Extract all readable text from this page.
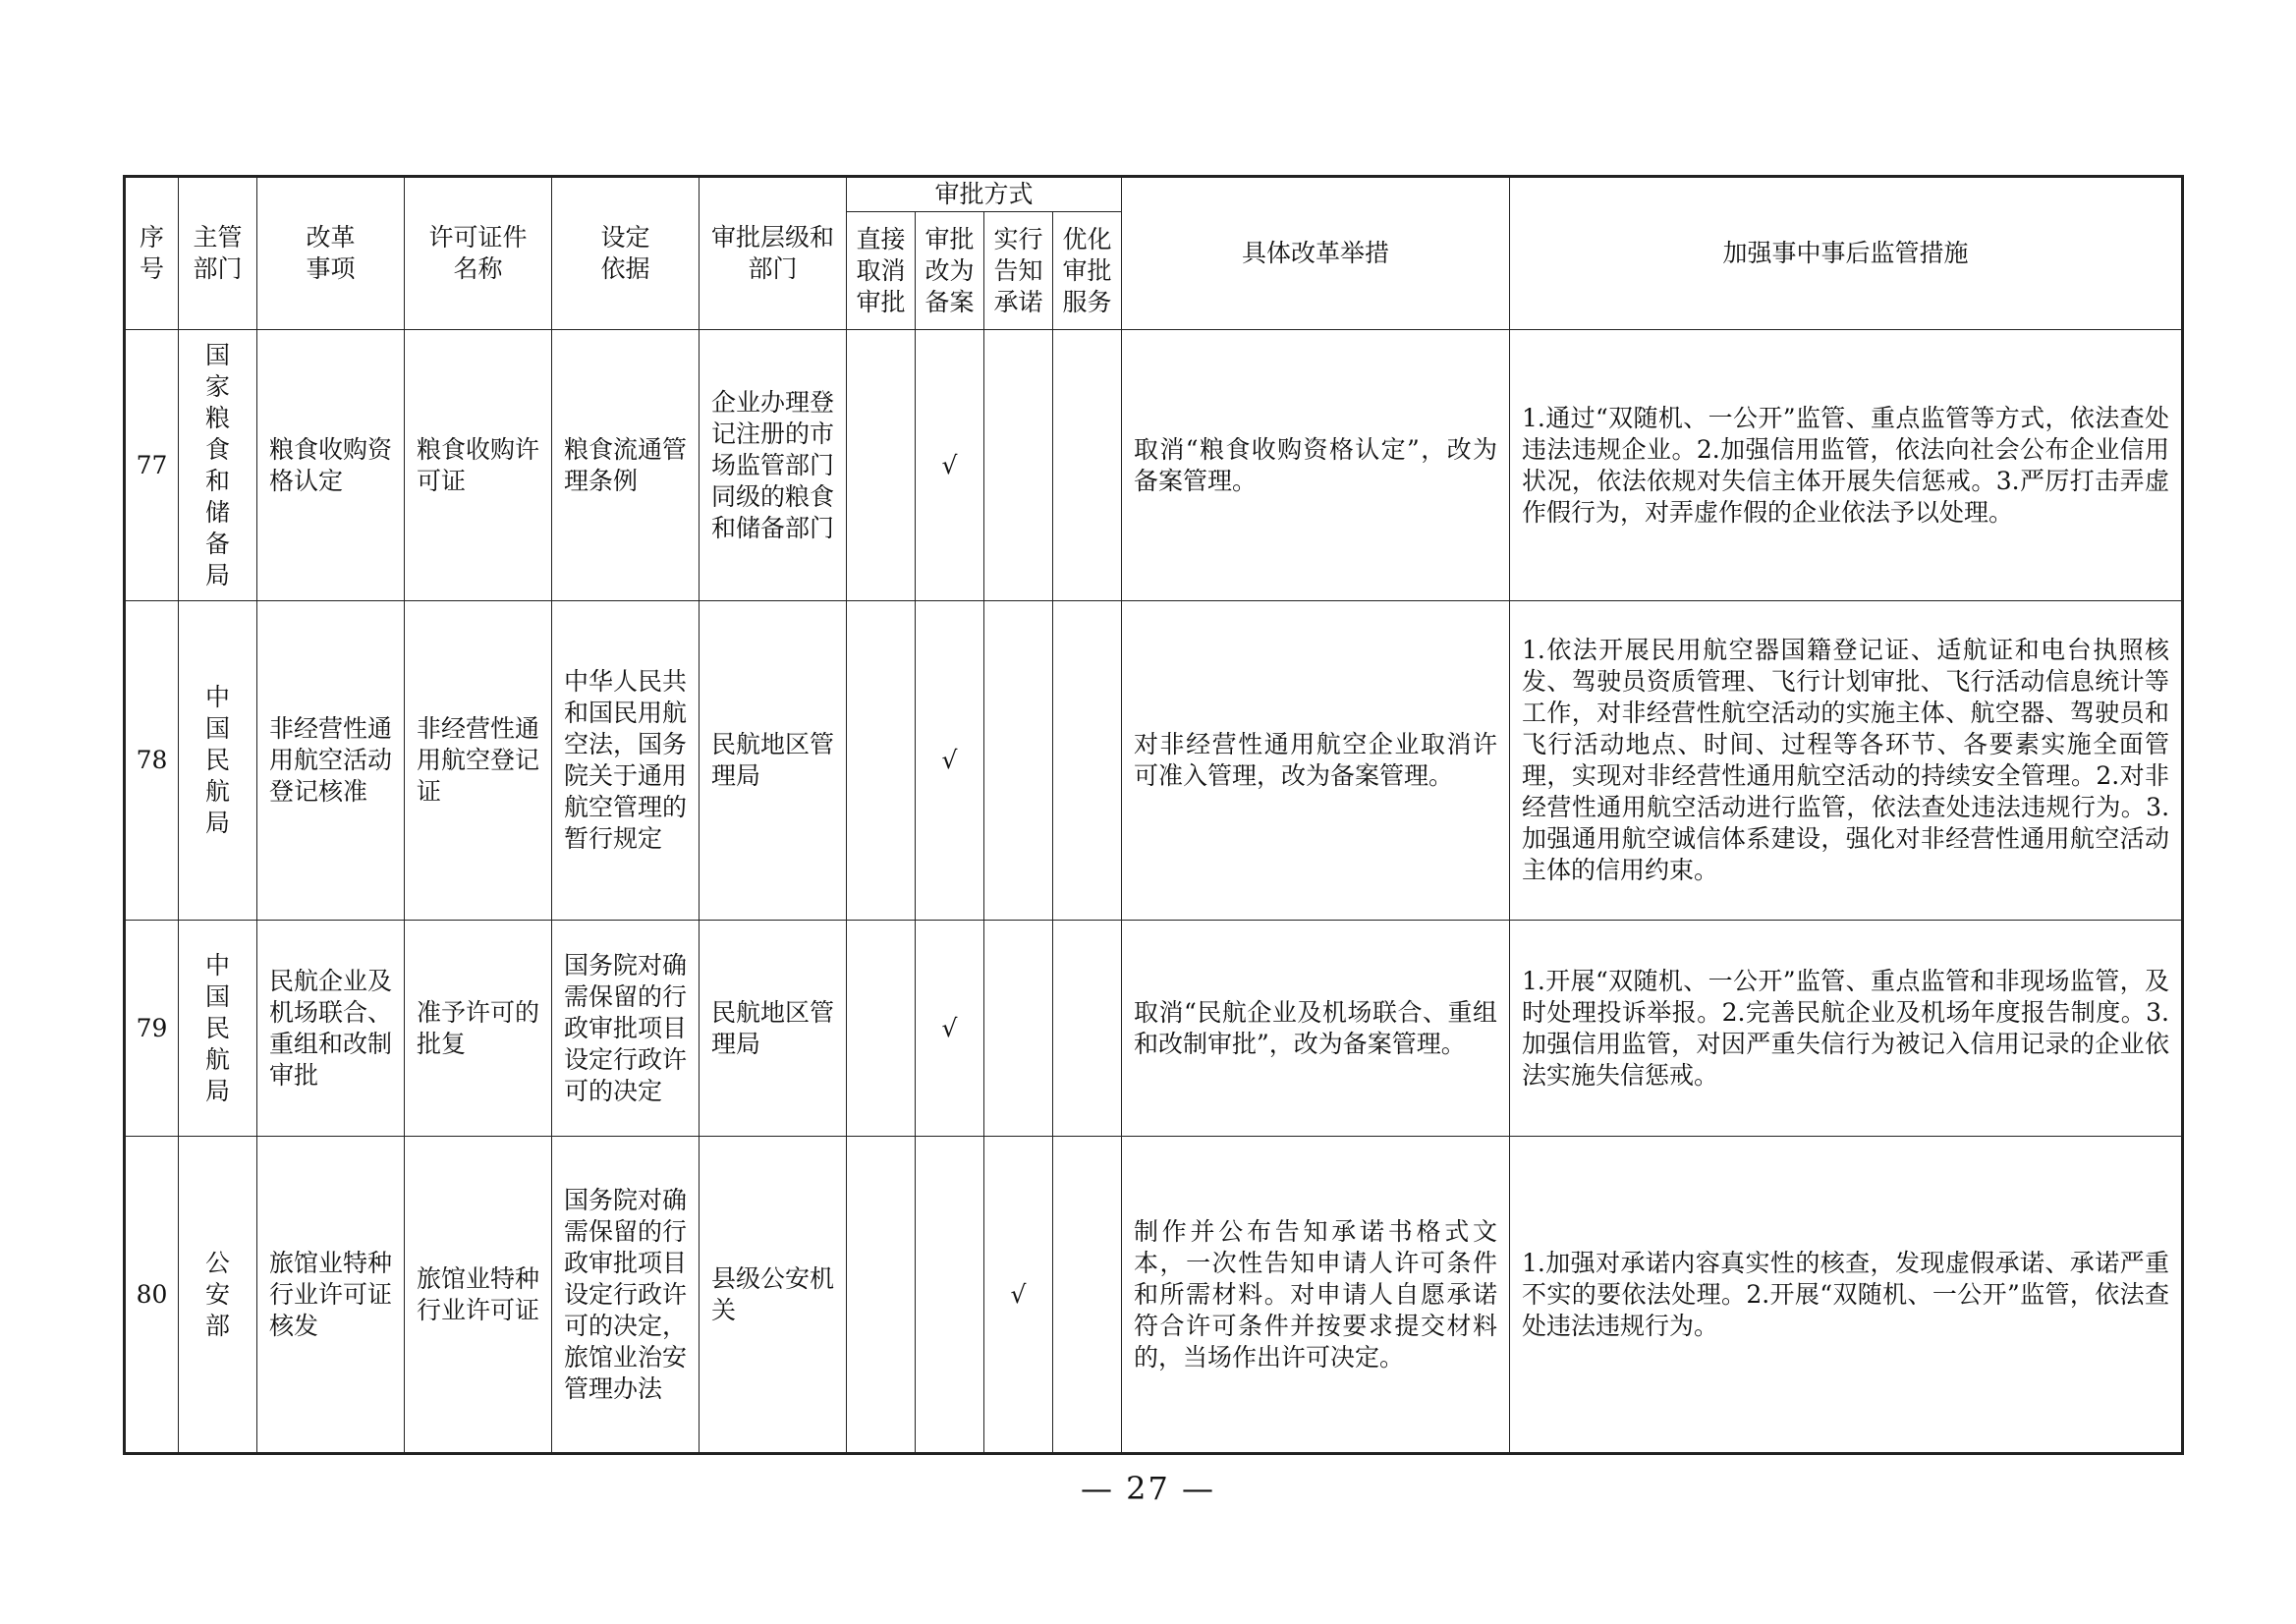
序号	主管部门	改革事项	许可证件名称	设定依据	审批层级和部门	审批方式				具体改革举措	加强事中事后监管措施
						直接取消审批	审批改为备案	实行告知承诺	优化审批服务		
77	国家粮食和储备局	粮食收购资格认定	粮食收购许可证	粮食流通管理条例	企业办理登记注册的市场监管部门同级的粮食和储备部门		√			取消“粮食收购资格认定”，改为备案管理。	1.通过“双随机、一公开”监管、重点监管等方式，依法查处违法违规企业。2.加强信用监管，依法向社会公布企业信用状况，依法依规对失信主体开展失信惩戒。3.严厉打击弄虚作假行为，对弄虚作假的企业依法予以处理。
78	中国民航局	非经营性通用航空活动登记核准	非经营性通用航空登记证	中华人民共和国民用航空法，国务院关于通用航空管理的暂行规定	民航地区管理局		√			对非经营性通用航空企业取消许可准入管理，改为备案管理。	1.依法开展民用航空器国籍登记证、适航证和电台执照核发、驾驶员资质管理、飞行计划审批、飞行活动信息统计等工作，对非经营性航空活动的实施主体、航空器、驾驶员和飞行活动地点、时间、过程等各环节、各要素实施全面管理，实现对非经营性通用航空活动的持续安全管理。2.对非经营性通用航空活动进行监管，依法查处违法违规行为。3.加强通用航空诚信体系建设，强化对非经营性通用航空活动主体的信用约束。
79	中国民航局	民航企业及机场联合、重组和改制审批	准予许可的批复	国务院对确需保留的行政审批项目设定行政许可的决定	民航地区管理局		√			取消“民航企业及机场联合、重组和改制审批”，改为备案管理。	1.开展“双随机、一公开”监管、重点监管和非现场监管，及时处理投诉举报。2.完善民航企业及机场年度报告制度。3.加强信用监管，对因严重失信行为被记入信用记录的企业依法实施失信惩戒。
80	公安部	旅馆业特种行业许可证核发	旅馆业特种行业许可证	国务院对确需保留的行政审批项目设定行政许可的决定，旅馆业治安管理办法	县级公安机关			√		制作并公布告知承诺书格式文本，一次性告知申请人许可条件和所需材料。对申请人自愿承诺符合许可条件并按要求提交材料的，当场作出许可决定。	1.加强对承诺内容真实性的核查，发现虚假承诺、承诺严重不实的要依法处理。2.开展“双随机、一公开”监管，依法查处违法违规行为。
— 27 —
